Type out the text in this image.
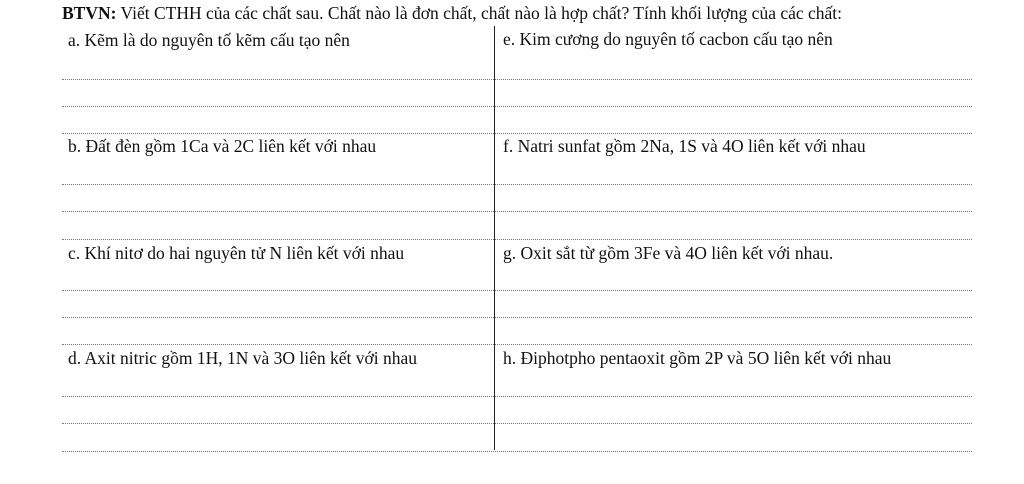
BTVN: Viết CTHH của các chất sau. Chất nào là đơn chất, chất nào là hợp chất? Tính khối lượng của các chất:
a. Kẽm là do nguyên tố kẽm cấu tạo nên	e. Kim cương do nguyên tố cacbon cấu tạo nên
b. Đất đèn gồm 1Ca và 2C liên kết với nhau	f. Natri sunfat gồm 2Na, 1S và 4O liên kết với nhau
c. Khí nitơ do hai nguyên tử N liên kết với nhau	g. Oxit sắt từ gồm 3Fe và 4O liên kết với nhau.
d. Axit nitric gồm 1H, 1N và 3O liên kết với nhau	h. Điphotpho pentaoxit gồm 2P và 5O liên kết với nhau
